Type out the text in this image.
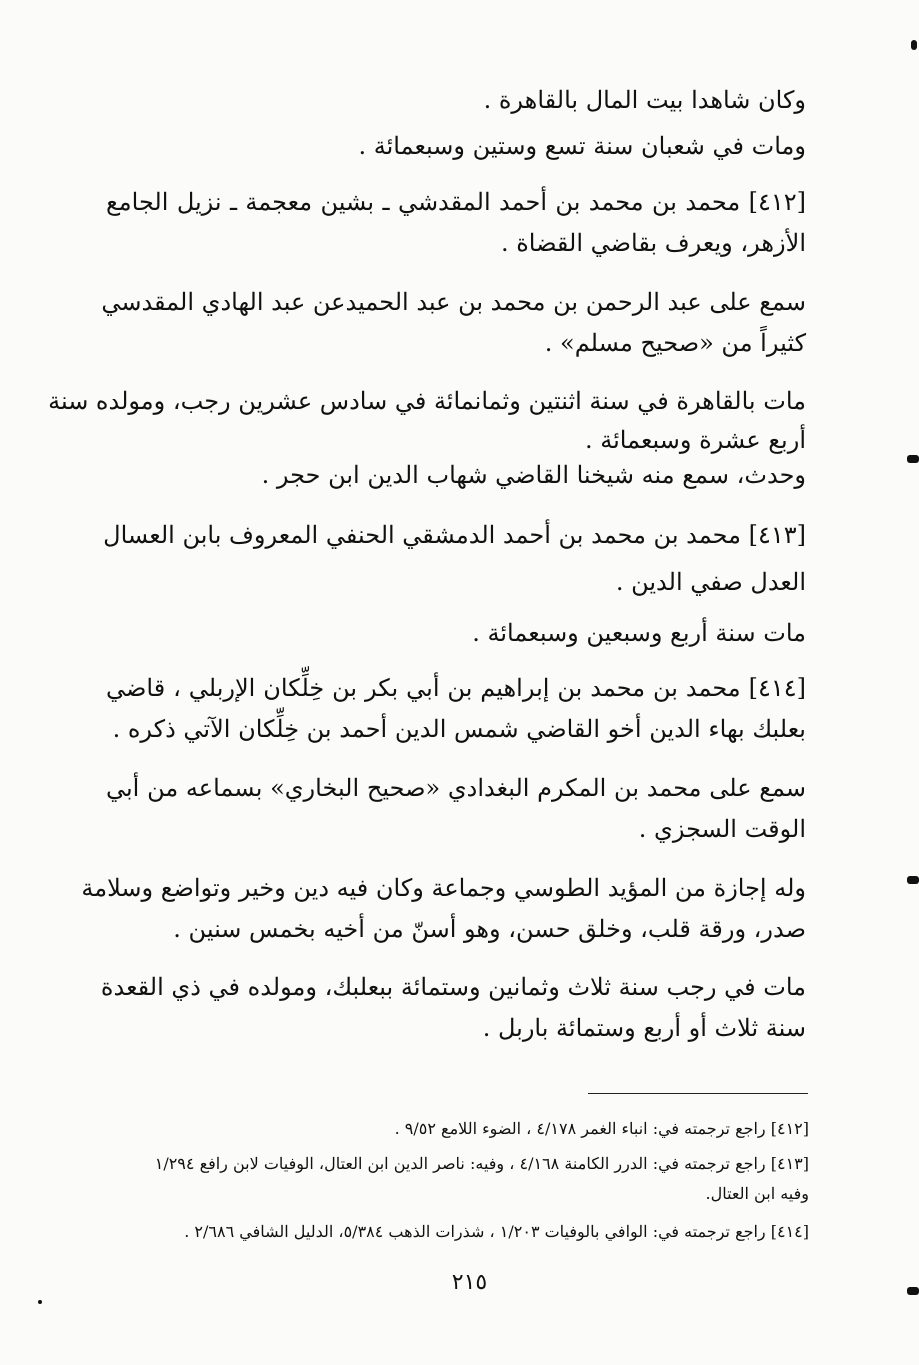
وكان شاهدا بيت المال بالقاهرة .
ومات في شعبان سنة تسع وستين وسبعمائة .
[٤١٢] محمد بن محمد بن أحمد المقدشي ـ بشين معجمة ـ نزيل الجامع
الأزهر، ويعرف بقاضي القضاة .
سمع على عبد الرحمن بن محمد بن عبد الحميدعن عبد الهادي المقدسي
كثيراً من «صحيح مسلم» .
مات بالقاهرة في سنة اثنتين وثمانمائة في سادس عشرين رجب، ومولده سنة
أربع عشرة وسبعمائة .
وحدث، سمع منه شيخنا القاضي شهاب الدين ابن حجر .
[٤١٣] محمد بن محمد بن أحمد الدمشقي الحنفي المعروف بابن العسال
العدل صفي الدين .
مات سنة أربع وسبعين وسبعمائة .
[٤١٤] محمد بن محمد بن إبراهيم بن أبي بكر بن خِلِّكان الإربلي ، قاضي
بعلبك بهاء الدين أخو القاضي شمس الدين أحمد بن خِلِّكان الآتي ذكره .
سمع على محمد بن المكرم البغدادي «صحيح البخاري» بسماعه من أبي
الوقت السجزي .
وله إجازة من المؤيد الطوسي وجماعة وكان فيه دين وخير وتواضع وسلامة
صدر، ورقة قلب، وخلق حسن، وهو أسنّ من أخيه بخمس سنين .
مات في رجب سنة ثلاث وثمانين وستمائة ببعلبك، ومولده في ذي القعدة
سنة ثلاث أو أربع وستمائة باربل .
[٤١٢] راجع ترجمته في: انباء الغمر ٤/١٧٨ ، الضوء اللامع ٩/٥٢ .
[٤١٣] راجع ترجمته في: الدرر الكامنة ٤/١٦٨ ، وفيه: ناصر الدين ابن العتال، الوفيات لابن رافع ١/٢٩٤
وفيه ابن العتال.
[٤١٤] راجع ترجمته في: الوافي بالوفيات ١/٢٠٣ ، شذرات الذهب ٥/٣٨٤، الدليل الشافي ٢/٦٨٦ .
٢١٥
